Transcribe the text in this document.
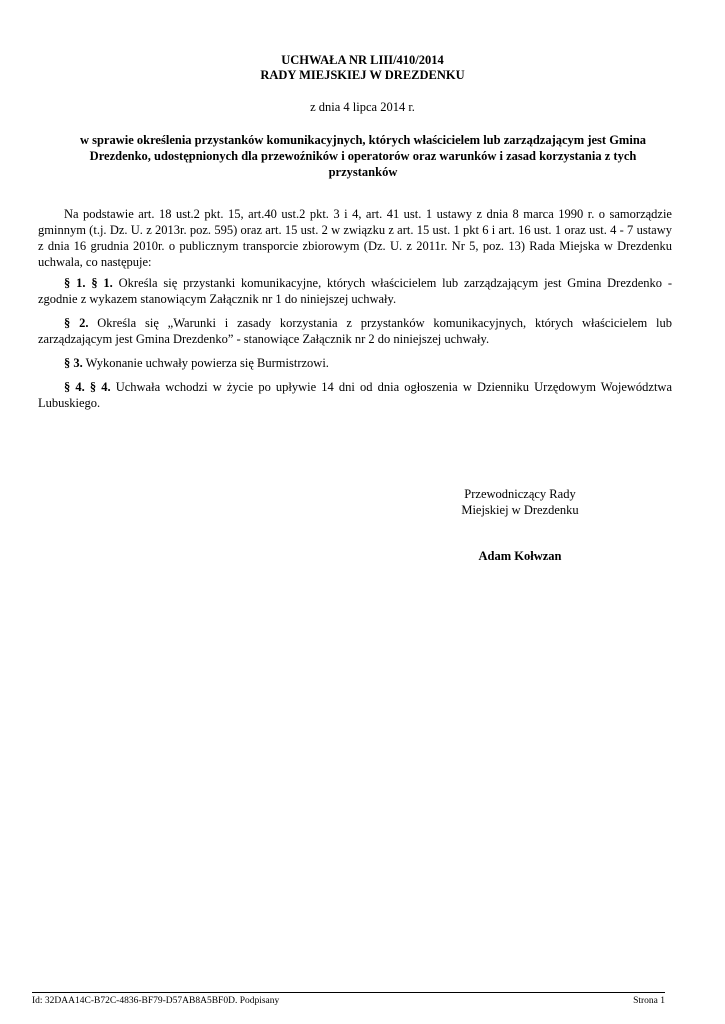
UCHWAŁA NR LIII/410/2014
RADY MIEJSKIEJ W DREZDENKU
z dnia 4 lipca 2014 r.
w sprawie określenia przystanków komunikacyjnych, których właścicielem lub zarządzającym jest Gmina Drezdenko, udostępnionych dla przewoźników i operatorów oraz warunków i zasad korzystania z tych przystanków

Na podstawie art. 18 ust.2 pkt. 15, art.40 ust.2 pkt. 3 i 4, art. 41 ust. 1 ustawy z dnia 8 marca 1990 r. o samorządzie gminnym (t.j. Dz. U. z 2013r. poz. 595) oraz art. 15 ust. 2 w związku z art. 15 ust. 1 pkt 6 i art. 16 ust. 1 oraz ust. 4 - 7 ustawy z dnia 16 grudnia 2010r. o publicznym transporcie zbiorowym (Dz. U. z 2011r. Nr 5, poz. 13) Rada Miejska w Drezdenku uchwala, co następuje:

§ 1. § 1. Określa się przystanki komunikacyjne, których właścicielem lub zarządzającym jest Gmina Drezdenko - zgodnie z wykazem stanowiącym Załącznik nr 1 do niniejszej uchwały.

§ 2. Określa się „Warunki i zasady korzystania z przystanków komunikacyjnych, których właścicielem lub zarządzającym jest Gmina Drezdenko” - stanowiące Załącznik nr 2 do niniejszej uchwały.

§ 3. Wykonanie uchwały powierza się Burmistrzowi.

§ 4. § 4. Uchwała wchodzi w życie po upływie 14 dni od dnia ogłoszenia w Dzienniku Urzędowym Województwa Lubuskiego.

Przewodniczący Rady
Miejskiej w Drezdenku
Adam Kołwzan
Id: 32DAA14C-B72C-4836-BF79-D57AB8A5BF0D. Podpisany	Strona 1
